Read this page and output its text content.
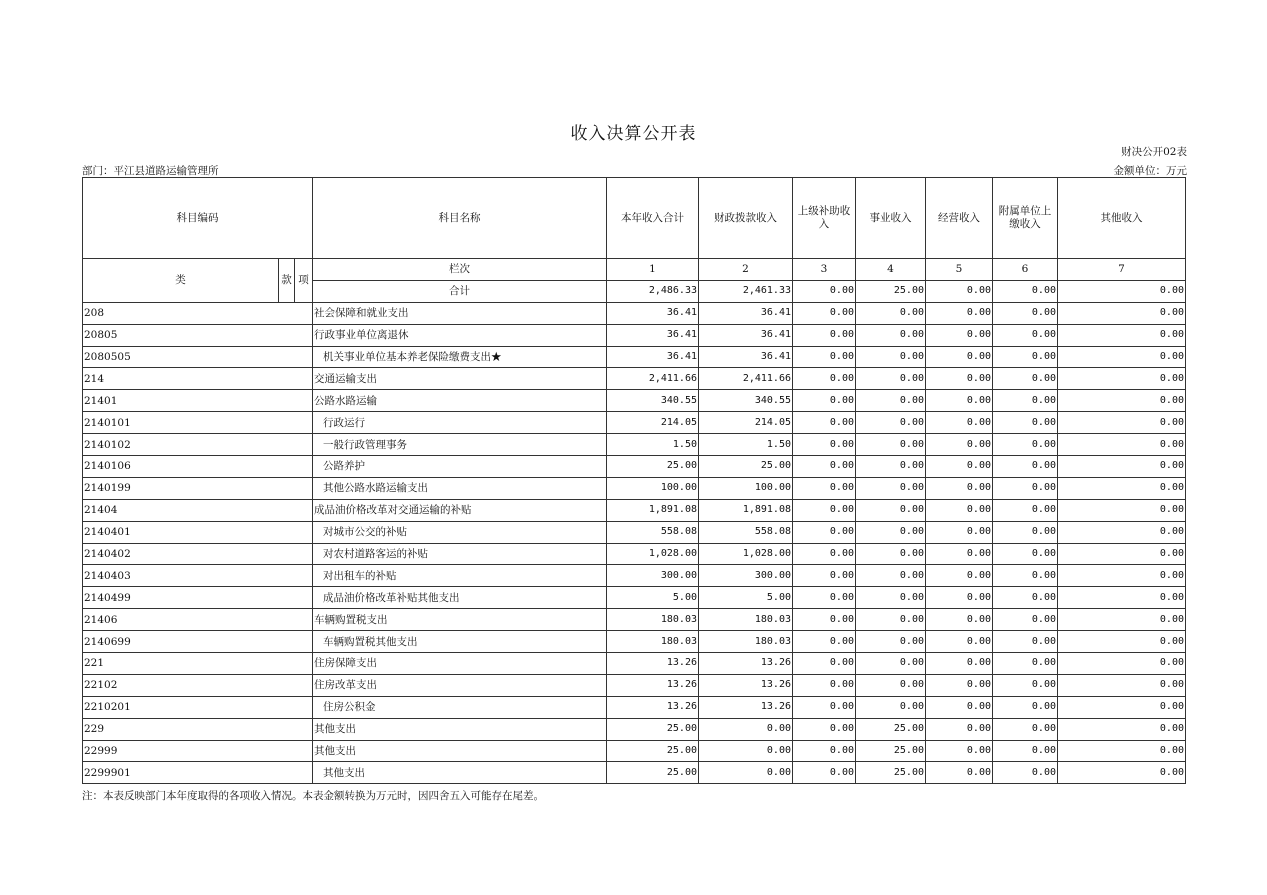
收入决算公开表
财决公开02表
部门：平江县道路运输管理所	金额单位：万元
科目编码			科目名称	本年收入合计	财政拨款收入	上级补助收入	事业收入	经营收入	附属单位上缴收入	其他收入
类	款	项	栏次	1	2	3	4	5	6	7
			合计	2,486.33	2,461.33	0.00	25.00	0.00	0.00	0.00
208			社会保障和就业支出	36.41	36.41	0.00	0.00	0.00	0.00	0.00
20805			行政事业单位离退休	36.41	36.41	0.00	0.00	0.00	0.00	0.00
2080505			机关事业单位基本养老保险缴费支出★	36.41	36.41	0.00	0.00	0.00	0.00	0.00
214			交通运输支出	2,411.66	2,411.66	0.00	0.00	0.00	0.00	0.00
21401			公路水路运输	340.55	340.55	0.00	0.00	0.00	0.00	0.00
2140101			行政运行	214.05	214.05	0.00	0.00	0.00	0.00	0.00
2140102			一般行政管理事务	1.50	1.50	0.00	0.00	0.00	0.00	0.00
2140106			公路养护	25.00	25.00	0.00	0.00	0.00	0.00	0.00
2140199			其他公路水路运输支出	100.00	100.00	0.00	0.00	0.00	0.00	0.00
21404			成品油价格改革对交通运输的补贴	1,891.08	1,891.08	0.00	0.00	0.00	0.00	0.00
2140401			对城市公交的补贴	558.08	558.08	0.00	0.00	0.00	0.00	0.00
2140402			对农村道路客运的补贴	1,028.00	1,028.00	0.00	0.00	0.00	0.00	0.00
2140403			对出租车的补贴	300.00	300.00	0.00	0.00	0.00	0.00	0.00
2140499			成品油价格改革补贴其他支出	5.00	5.00	0.00	0.00	0.00	0.00	0.00
21406			车辆购置税支出	180.03	180.03	0.00	0.00	0.00	0.00	0.00
2140699			车辆购置税其他支出	180.03	180.03	0.00	0.00	0.00	0.00	0.00
221			住房保障支出	13.26	13.26	0.00	0.00	0.00	0.00	0.00
22102			住房改革支出	13.26	13.26	0.00	0.00	0.00	0.00	0.00
2210201			住房公积金	13.26	13.26	0.00	0.00	0.00	0.00	0.00
229			其他支出	25.00	0.00	0.00	25.00	0.00	0.00	0.00
22999			其他支出	25.00	0.00	0.00	25.00	0.00	0.00	0.00
2299901			其他支出	25.00	0.00	0.00	25.00	0.00	0.00	0.00
注：本表反映部门本年度取得的各项收入情况。本表金额转换为万元时，因四舍五入可能存在尾差。
